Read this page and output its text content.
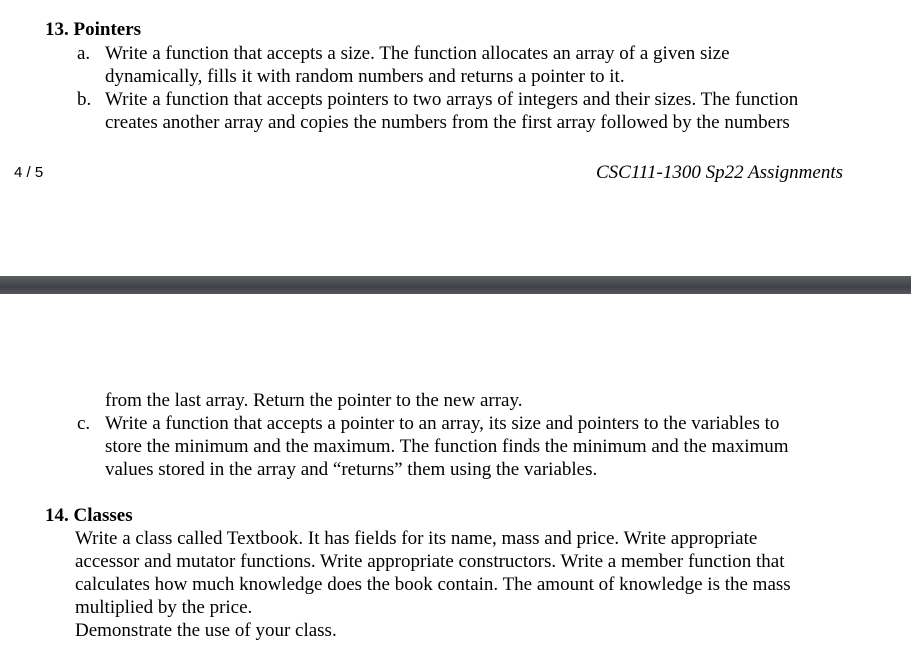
13. Pointers
a. Write a function that accepts a size. The function allocates an array of a given size
dynamically, fills it with random numbers and returns a pointer to it.
b. Write a function that accepts pointers to two arrays of integers and their sizes. The function
creates another array and copies the numbers from the first array followed by the numbers
4 / 5	CSC111-1300 Sp22 Assignments
from the last array. Return the pointer to the new array.
c. Write a function that accepts a pointer to an array, its size and pointers to the variables to
store the minimum and the maximum. The function finds the minimum and the maximum
values stored in the array and “returns” them using the variables.
14. Classes
Write a class called Textbook. It has fields for its name, mass and price. Write appropriate
accessor and mutator functions. Write appropriate constructors. Write a member function that
calculates how much knowledge does the book contain. The amount of knowledge is the mass
multiplied by the price.
Demonstrate the use of your class.
